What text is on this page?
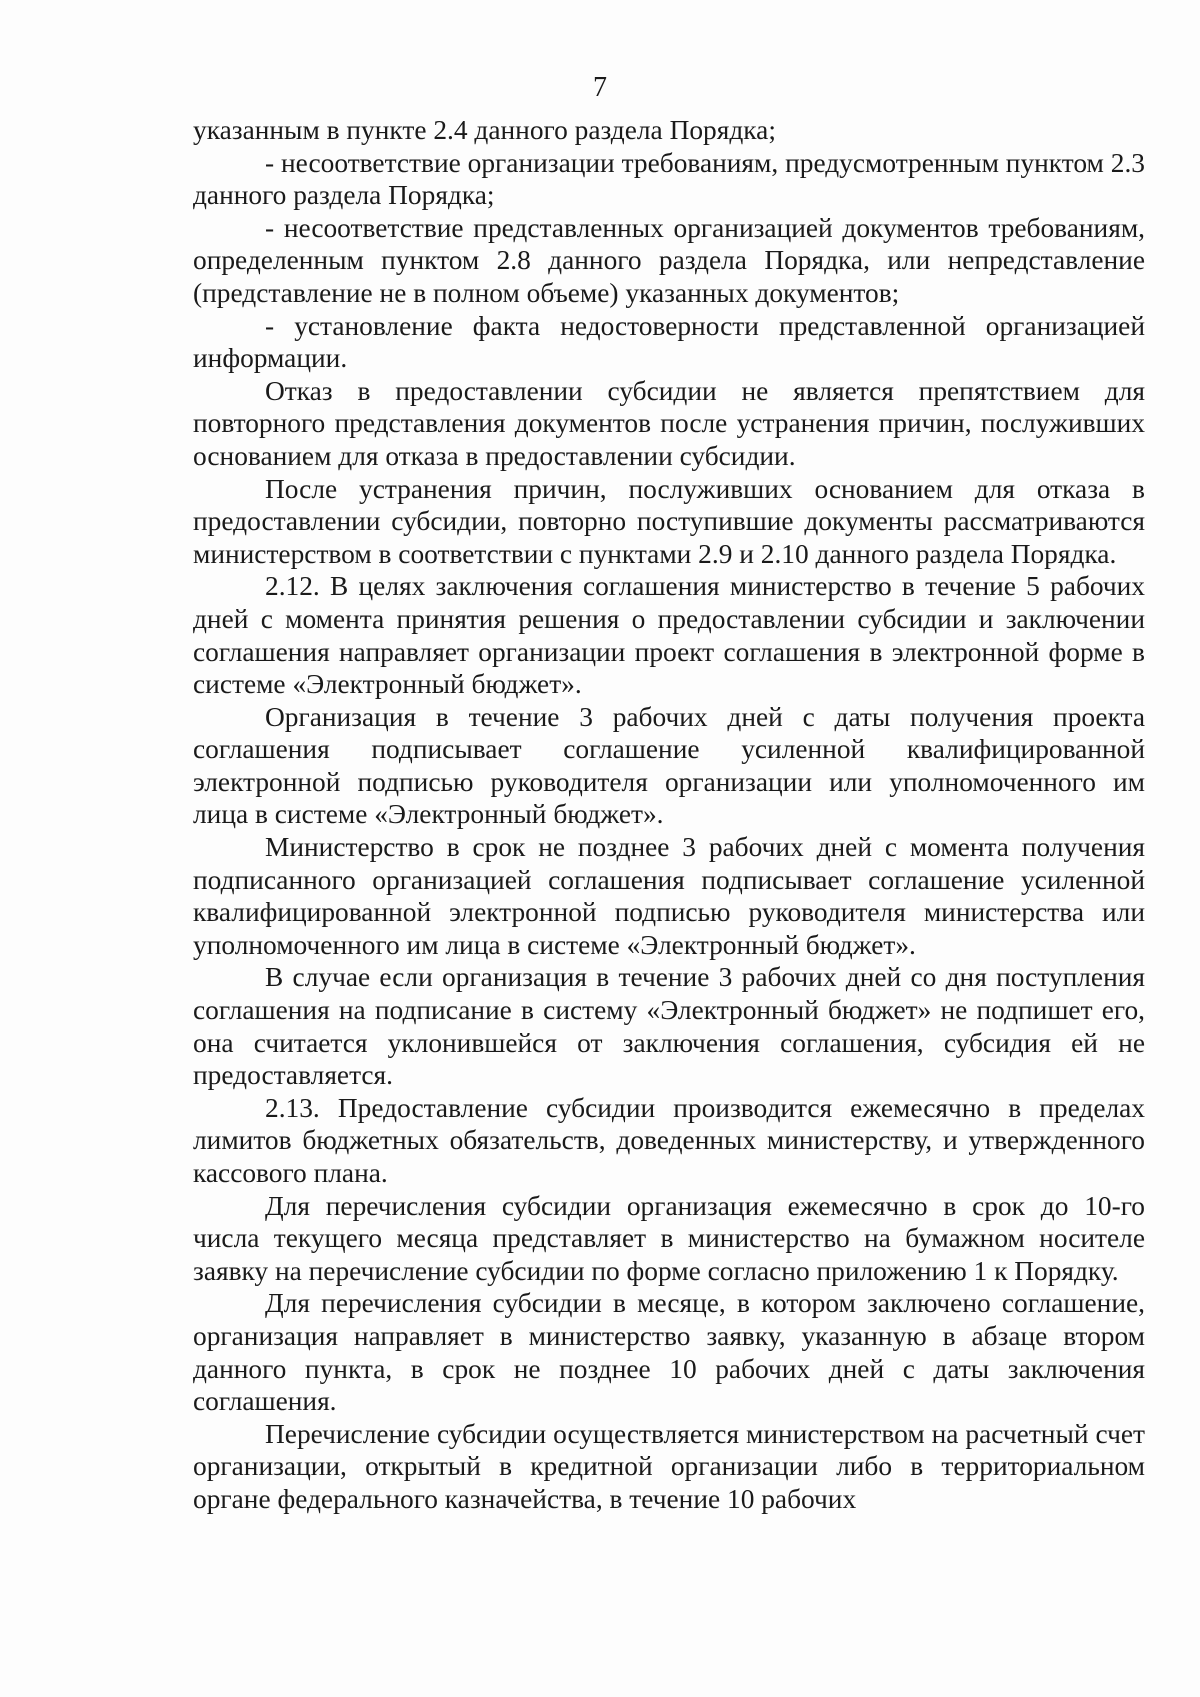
7

указанным в пункте 2.4 данного раздела Порядка;

- несоответствие организации требованиям, предусмотренным пунктом 2.3 данного раздела Порядка;

- несоответствие представленных организацией документов требованиям, определенным пунктом 2.8 данного раздела Порядка, или непредставление (представление не в полном объеме) указанных документов;

- установление факта недостоверности представленной организацией информации.

Отказ в предоставлении субсидии не является препятствием для повторного представления документов после устранения причин, послуживших основанием для отказа в предоставлении субсидии.

После устранения причин, послуживших основанием для отказа в предоставлении субсидии, повторно поступившие документы рассматриваются министерством в соответствии с пунктами 2.9 и 2.10 данного раздела Порядка.

2.12. В целях заключения соглашения министерство в течение 5 рабочих дней с момента принятия решения о предоставлении субсидии и заключении соглашения направляет организации проект соглашения в электронной форме в системе «Электронный бюджет».

Организация в течение 3 рабочих дней с даты получения проекта соглашения подписывает соглашение усиленной квалифицированной электронной подписью руководителя организации или уполномоченного им лица в системе «Электронный бюджет».

Министерство в срок не позднее 3 рабочих дней с момента получения подписанного организацией соглашения подписывает соглашение усиленной квалифицированной электронной подписью руководителя министерства или уполномоченного им лица в системе «Электронный бюджет».

В случае если организация в течение 3 рабочих дней со дня поступления соглашения на подписание в систему «Электронный бюджет» не подпишет его, она считается уклонившейся от заключения соглашения, субсидия ей не предоставляется.

2.13. Предоставление субсидии производится ежемесячно в пределах лимитов бюджетных обязательств, доведенных министерству, и утвержденного кассового плана.

Для перечисления субсидии организация ежемесячно в срок до 10-го числа текущего месяца представляет в министерство на бумажном носителе заявку на перечисление субсидии по форме согласно приложению 1 к Порядку.

Для перечисления субсидии в месяце, в котором заключено соглашение, организация направляет в министерство заявку, указанную в абзаце втором данного пункта, в срок не позднее 10 рабочих дней с даты заключения соглашения.

Перечисление субсидии осуществляется министерством на расчетный счет организации, открытый в кредитной организации либо в территориальном органе федерального казначейства, в течение 10 рабочих
